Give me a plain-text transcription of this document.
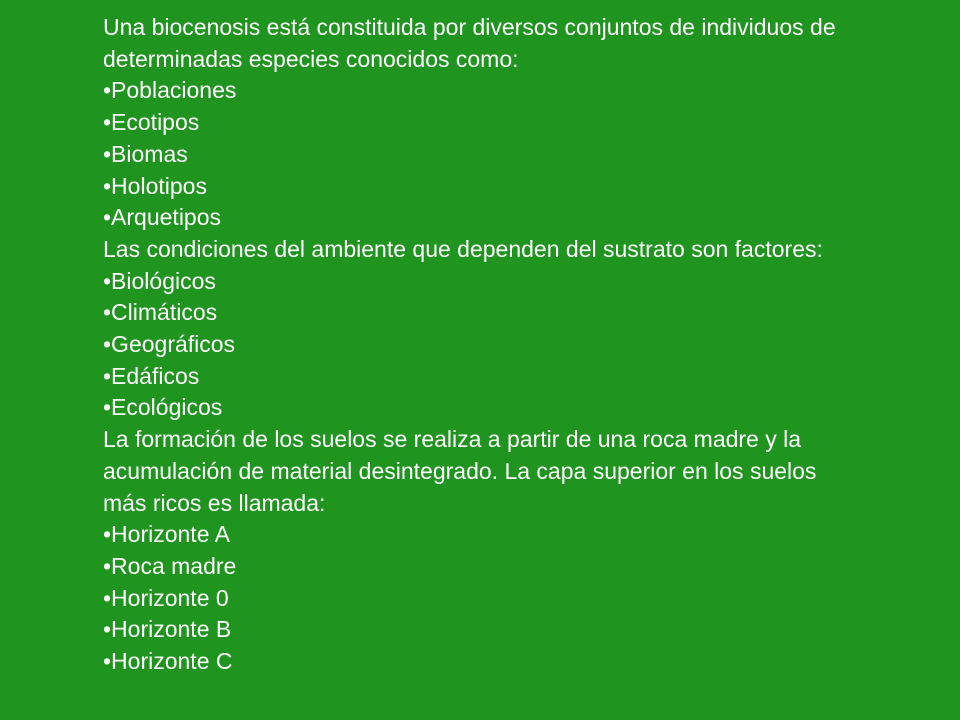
Una biocenosis está constituida por diversos conjuntos de individuos de determinadas especies conocidos como:

•Poblaciones
•Ecotipos
•Biomas
•Holotipos
•Arquetipos

Las condiciones del ambiente que dependen del sustrato son factores:

•Biológicos
•Climáticos
•Geográficos
•Edáficos
•Ecológicos

La formación de los suelos se realiza a partir de una roca madre y la acumulación de material desintegrado. La capa superior en los suelos más ricos es llamada:

•Horizonte A
•Roca madre
•Horizonte 0
•Horizonte B
•Horizonte C
